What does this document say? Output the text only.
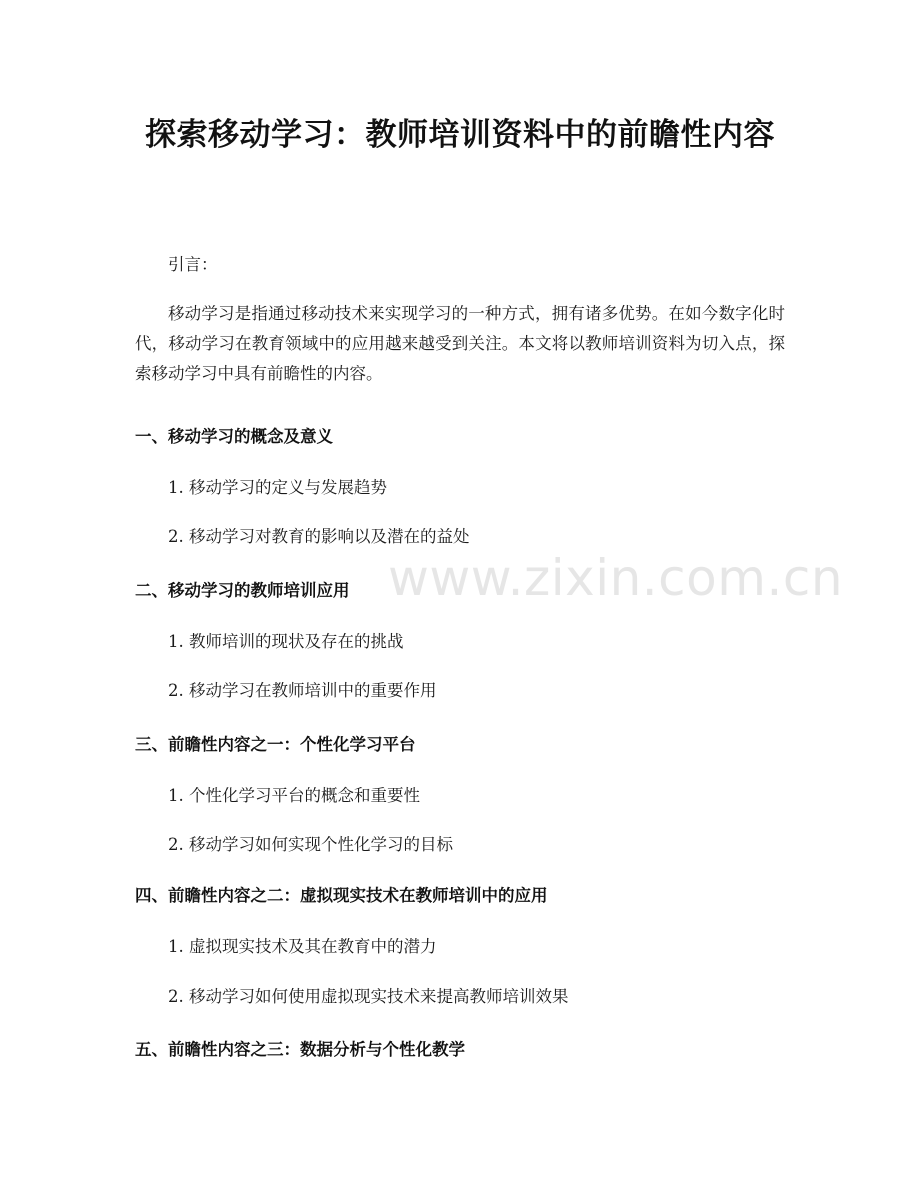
探索移动学习：教师培训资料中的前瞻性内容

引言：

移动学习是指通过移动技术来实现学习的一种方式，拥有诸多优势。在如今数字化时代，移动学习在教育领域中的应用越来越受到关注。本文将以教师培训资料为切入点，探索移动学习中具有前瞻性的内容。

一、移动学习的概念及意义

1. 移动学习的定义与发展趋势

2. 移动学习对教育的影响以及潜在的益处

二、移动学习的教师培训应用

1. 教师培训的现状及存在的挑战

2. 移动学习在教师培训中的重要作用

三、前瞻性内容之一：个性化学习平台

1. 个性化学习平台的概念和重要性

2. 移动学习如何实现个性化学习的目标

四、前瞻性内容之二：虚拟现实技术在教师培训中的应用

1. 虚拟现实技术及其在教育中的潜力

2. 移动学习如何使用虚拟现实技术来提高教师培训效果

五、前瞻性内容之三：数据分析与个性化教学
www.zixin.com.cn
